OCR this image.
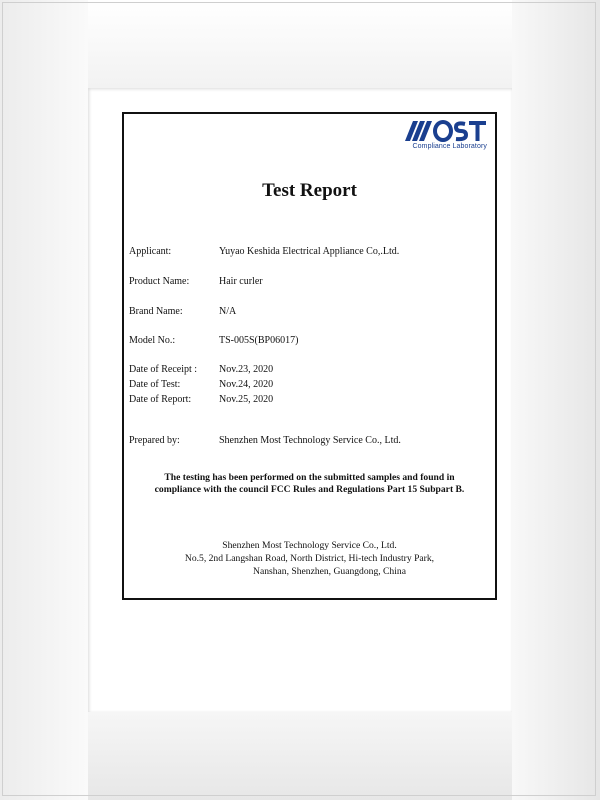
Compliance Laboratory
Test Report
Applicant:	Yuyao Keshida Electrical Appliance Co,.Ltd.
Product Name:	Hair curler
Brand Name:	N/A
Model No.:	TS-005S(BP06017)
Date of Receipt : Nov.23, 2020
Date of Test:	Nov.24, 2020
Date of Report:	Nov.25, 2020
Prepared by:	Shenzhen Most Technology Service Co., Ltd.
The testing has been performed on the submitted samples and found in
compliance with the council FCC Rules and Regulations Part 15 Subpart B.
Shenzhen Most Technology Service Co., Ltd.
No.5, 2nd Langshan Road, North District, Hi-tech Industry Park,
Nanshan, Shenzhen, Guangdong, China
